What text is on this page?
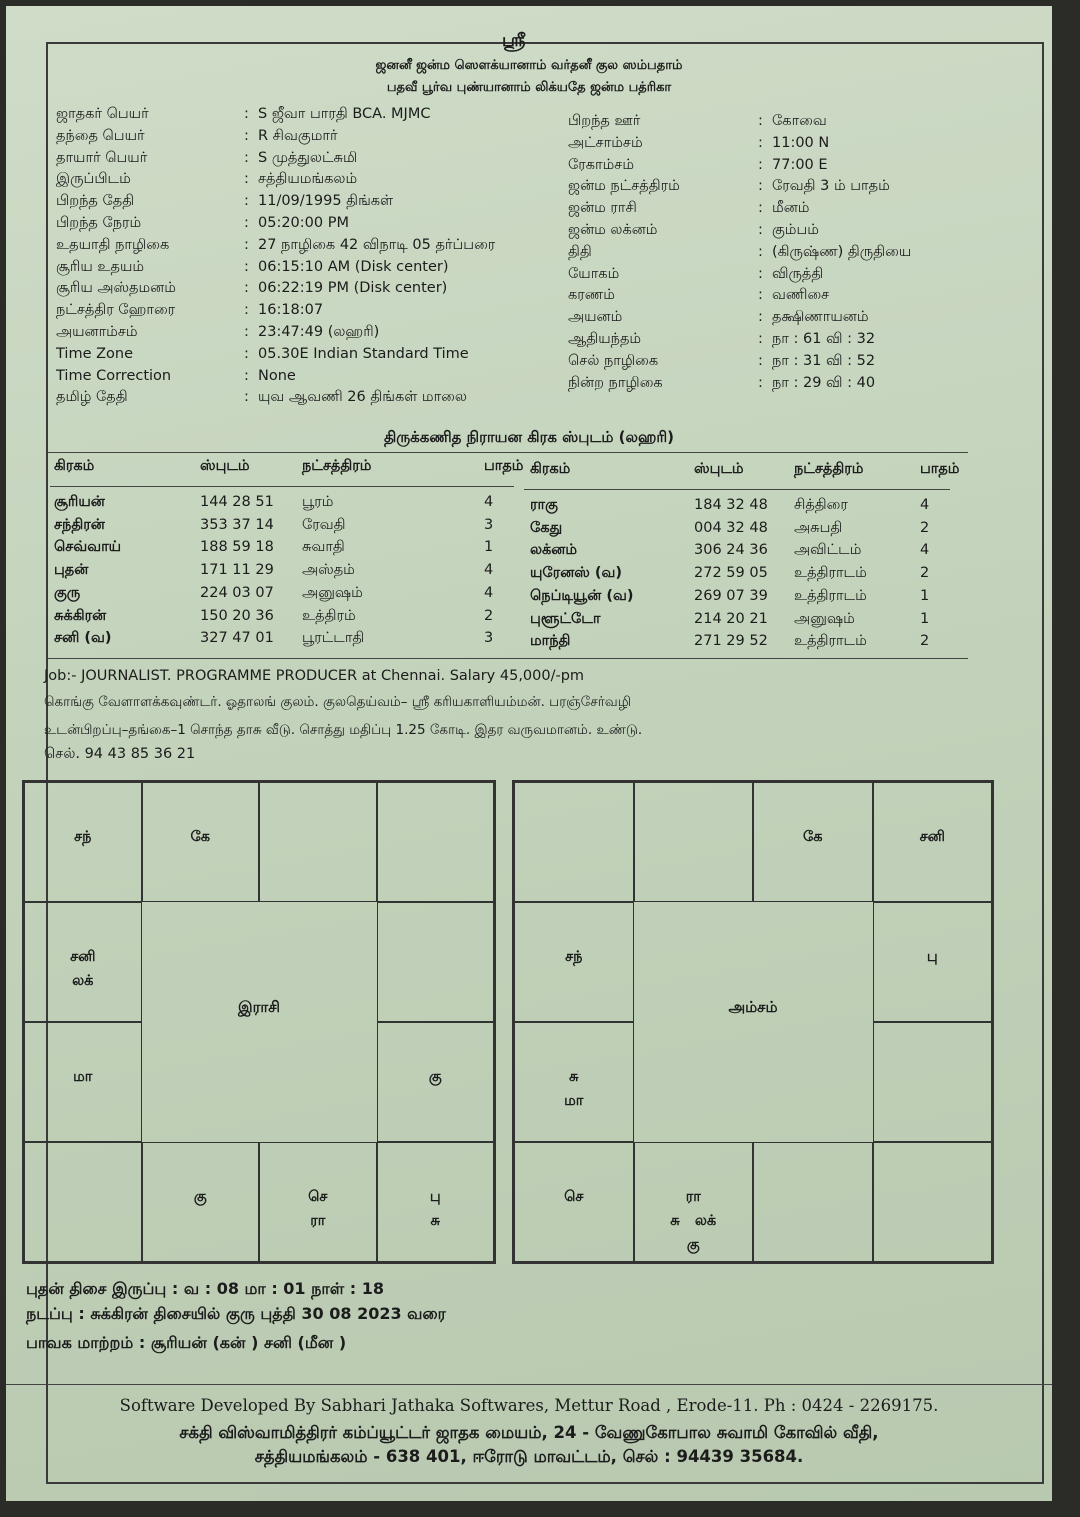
ஸ்ரீ
ஜனனீ ஜன்ம ஸௌக்யானாம் வர்தனீ குல ஸம்பதாம்
பதவீ பூர்வ புண்யானாம் லிக்யதே ஜன்ம பத்ரிகா
ஜாதகர் பெயர்	: S ஜீவா பாரதி BCA. MJMC
தந்தை பெயர்	: R சிவகுமார்
தாயார் பெயர்	: S முத்துலட்சுமி
இருப்பிடம்	: சத்தியமங்கலம்
பிறந்த தேதி	: 11/09/1995 திங்கள்
பிறந்த நேரம்	: 05:20:00 PM
உதயாதி நாழிகை	: 27 நாழிகை 42 விநாடி 05 தர்ப்பரை
சூரிய உதயம்	: 06:15:10 AM (Disk center)
சூரிய அஸ்தமனம்	: 06:22:19 PM (Disk center)
நட்சத்திர ஹோரை	: 16:18:07
அயனாம்சம்	: 23:47:49 (லஹரி)
Time Zone	: 05.30E Indian Standard Time
Time Correction	: None
தமிழ் தேதி	: யுவ ஆவணி 26 திங்கள் மாலை
பிறந்த ஊர்	: கோவை
அட்சாம்சம்	: 11:00 N
ரேகாம்சம்	: 77:00 E
ஜன்ம நட்சத்திரம்	: ரேவதி 3 ம் பாதம்
ஜன்ம ராசி	: மீனம்
ஜன்ம லக்னம்	: கும்பம்
திதி	: (கிருஷ்ண) திருதியை
யோகம்	: விருத்தி
கரணம்	: வணிசை
அயனம்	: தக்ஷிணாயனம்
ஆதியந்தம்	: நா : 61 வி : 32
செல் நாழிகை	: நா : 31 வி : 52
நின்ற நாழிகை	: நா : 29 வி : 40
திருக்கணித நிராயன கிரக ஸ்புடம் (லஹரி)
கிரகம்	ஸ்புடம்	நட்சத்திரம்	பாதம்
சூரியன்	144 28 51 பூரம்	4
சந்திரன்	353 37 14 ரேவதி	3
செவ்வாய்	188 59 18 சுவாதி	1
புதன்	171 11 29 அஸ்தம்	4
குரு	224 03 07 அனுஷம்	4
சுக்கிரன்	150 20 36 உத்திரம்	2
சனி (வ)	327 47 01 பூரட்டாதி	3
கிரகம்	ஸ்புடம்	நட்சத்திரம்	பாதம்
ராகு	184 32 48 சித்திரை	4
கேது	004 32 48 அசுபதி	2
லக்னம்	306 24 36 அவிட்டம்	4
யுரேனஸ் (வ)	272 59 05 உத்திராடம்	2
நெப்டியூன் (வ)	269 07 39 உத்திராடம்	1
புளூட்டோ	214 20 21 அனுஷம்	1
மாந்தி	271 29 52 உத்திராடம்	2
Job:- JOURNALIST. PROGRAMME PRODUCER at Chennai. Salary 45,000/-pm
கொங்கு வேளாளக்கவுண்டர். ஓதாலங் குலம். குலதெய்வம்– ஸ்ரீ கரியகாளியம்மன். பரஞ்சேர்வழி
உடன்பிறப்பு–தங்கை–1 சொந்த தாசு வீடு. சொத்து மதிப்பு 1.25 கோடி. இதர வருவமானம். உண்டு.
செல். 94 43 85 36 21
சந்	கே
சனி
லக்
மா	கு
கு	செ
ரா
பு
சு
இராசி
கே	சனி
சந்	பு
சு
மா
செ	ரா
சு   லக்
கு
அம்சம்
புதன் திசை இருப்பு : வ : 08 மா : 01 நாள் : 18
நடப்பு : சுக்கிரன் திசையில் குரு புத்தி 30 08 2023 வரை
பாவக மாற்றம் : சூரியன் (கன் ) சனி (மீன )
Software Developed By Sabhari Jathaka Softwares, Mettur Road , Erode-11. Ph : 0424 - 2269175.
சக்தி விஸ்வாமித்திரர் கம்ப்யூட்டர் ஜாதக மையம், 24 - வேணுகோபால சுவாமி கோவில் வீதி,
சத்தியமங்கலம் - 638 401, ஈரோடு மாவட்டம், செல் : 94439 35684.
